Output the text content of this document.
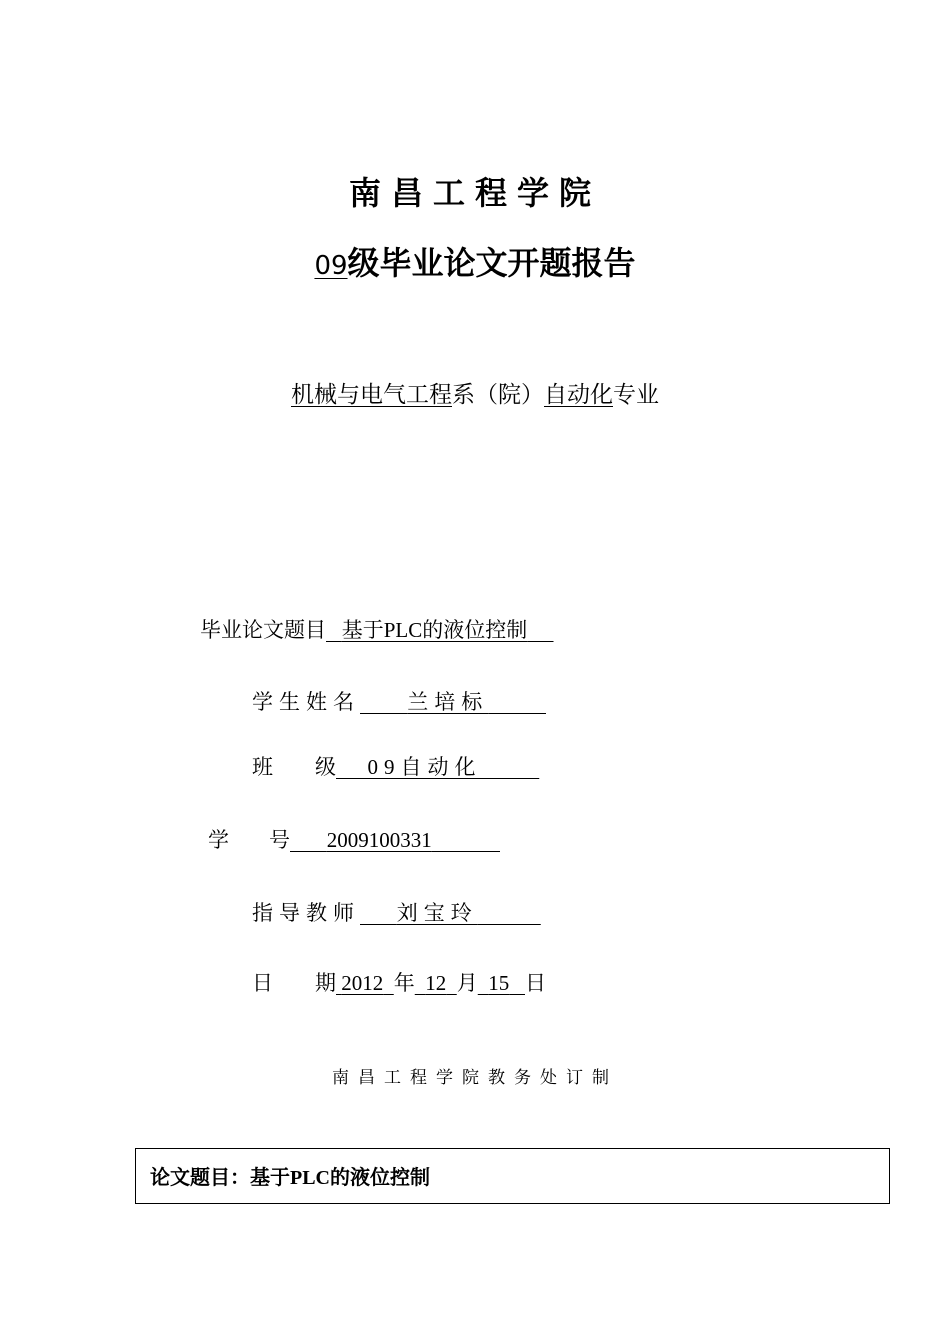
南昌工程学院
09级毕业论文开题报告
机械与电气工程系（院）自动化专业
毕业论文题目 基于PLC的液位控制
学生姓名 兰培标
班 级 09自动化
学 号 2009100331
指导教师 刘宝玲
日 期 2012 年 12 月 15 日
南昌工程学院教务处订制
论文题目：基于PLC的液位控制
